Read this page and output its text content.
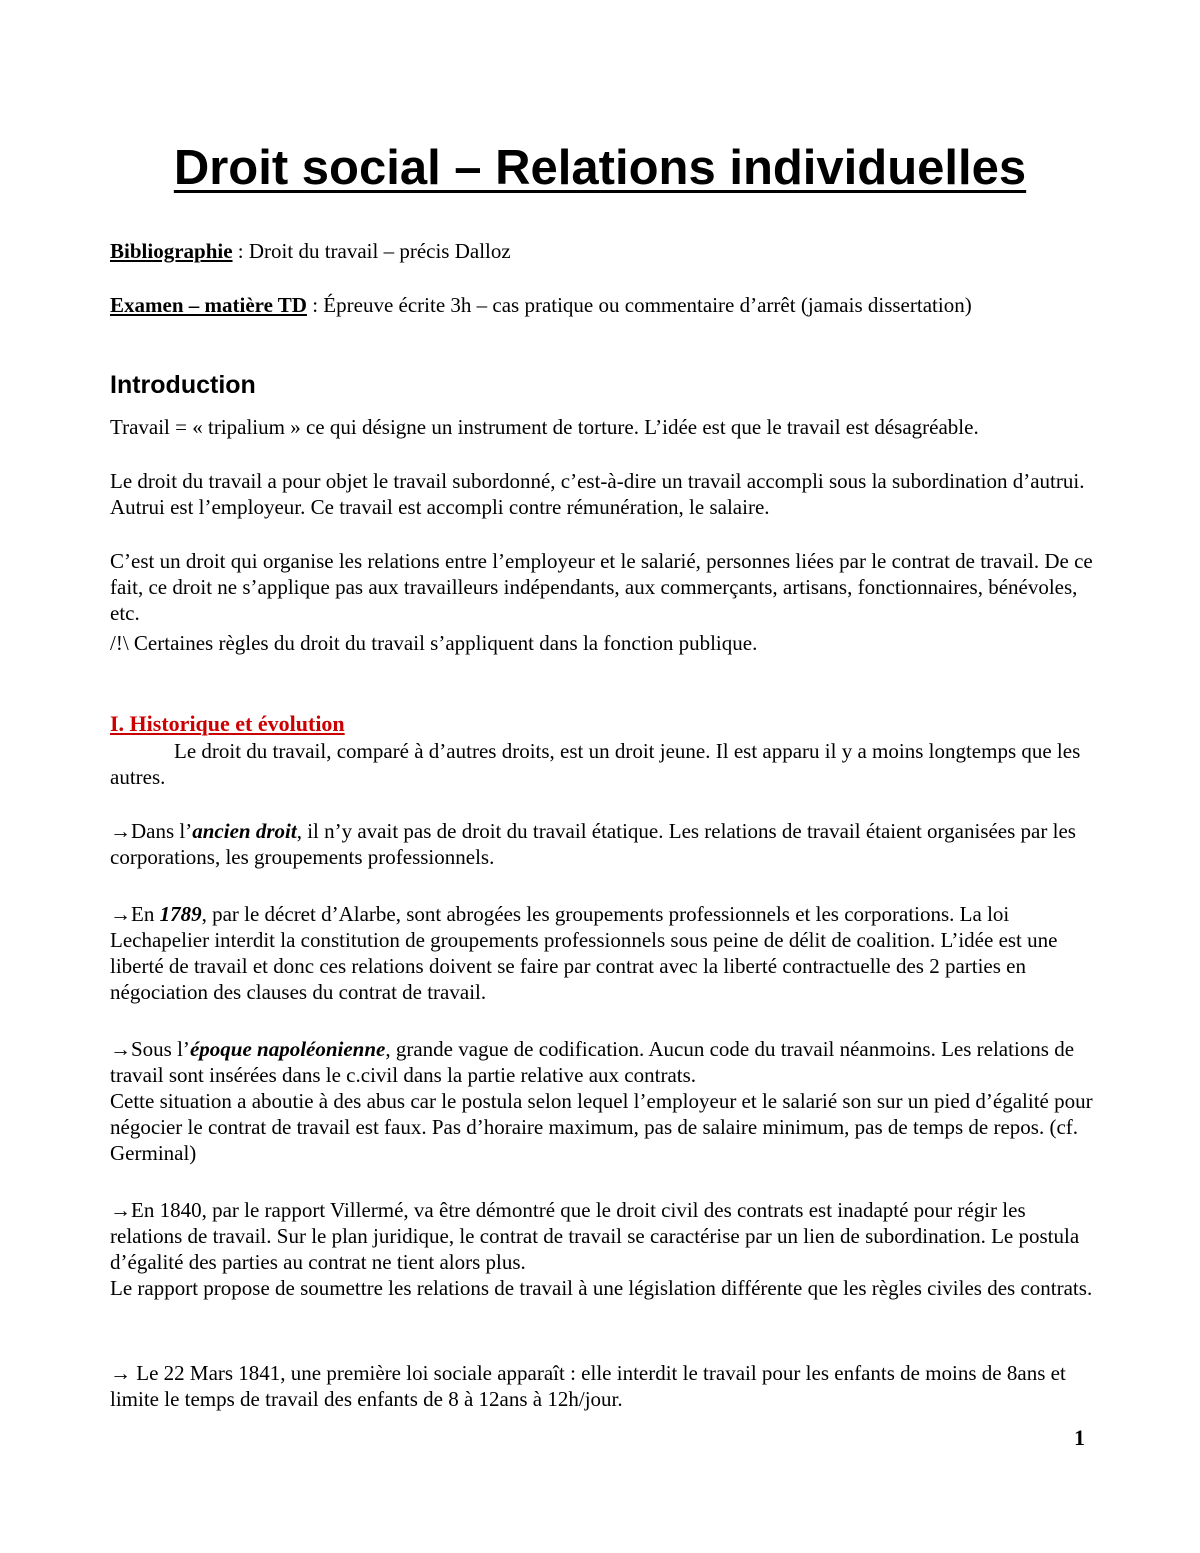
Droit social – Relations individuelles

Bibliographie : Droit du travail – précis Dalloz

Examen – matière TD : Épreuve écrite 3h – cas pratique ou commentaire d’arrêt (jamais dissertation)

Introduction

Travail = « tripalium » ce qui désigne un instrument de torture. L’idée est que le travail est désagréable.

Le droit du travail a pour objet le travail subordonné, c’est-à-dire un travail accompli sous la subordination d’autrui. Autrui est l’employeur. Ce travail est accompli contre rémunération, le salaire.

C’est un droit qui organise les relations entre l’employeur et le salarié, personnes liées par le contrat de travail. De ce fait, ce droit ne s’applique pas aux travailleurs indépendants, aux commerçants, artisans, fonctionnaires, bénévoles, etc.

/!\ Certaines règles du droit du travail s’appliquent dans la fonction publique.

I. Historique et évolution

Le droit du travail, comparé à d’autres droits, est un droit jeune. Il est apparu il y a moins longtemps que les autres.

→Dans l’ancien droit, il n’y avait pas de droit du travail étatique. Les relations de travail étaient organisées par les corporations, les groupements professionnels.

→En 1789, par le décret d’Alarbe, sont abrogées les groupements professionnels et les corporations. La loi Lechapelier interdit la constitution de groupements professionnels sous peine de délit de coalition. L’idée est une liberté de travail et donc ces relations doivent se faire par contrat avec la liberté contractuelle des 2 parties en négociation des clauses du contrat de travail.

→Sous l’époque napoléonienne, grande vague de codification. Aucun code du travail néanmoins. Les relations de travail sont insérées dans le c.civil dans la partie relative aux contrats.
Cette situation a aboutie à des abus car le postula selon lequel l’employeur et le salarié son sur un pied d’égalité pour négocier le contrat de travail est faux. Pas d’horaire maximum, pas de salaire minimum, pas de temps de repos. (cf. Germinal)

→En 1840, par le rapport Villermé, va être démontré que le droit civil des contrats est inadapté pour régir les relations de travail. Sur le plan juridique, le contrat de travail se caractérise par un lien de subordination. Le postula d’égalité des parties au contrat ne tient alors plus.
Le rapport propose de soumettre les relations de travail à une législation différente que les règles civiles des contrats.

→ Le 22 Mars 1841, une première loi sociale apparaît : elle interdit le travail pour les enfants de moins de 8ans et limite le temps de travail des enfants de 8 à 12ans à 12h/jour.

1
